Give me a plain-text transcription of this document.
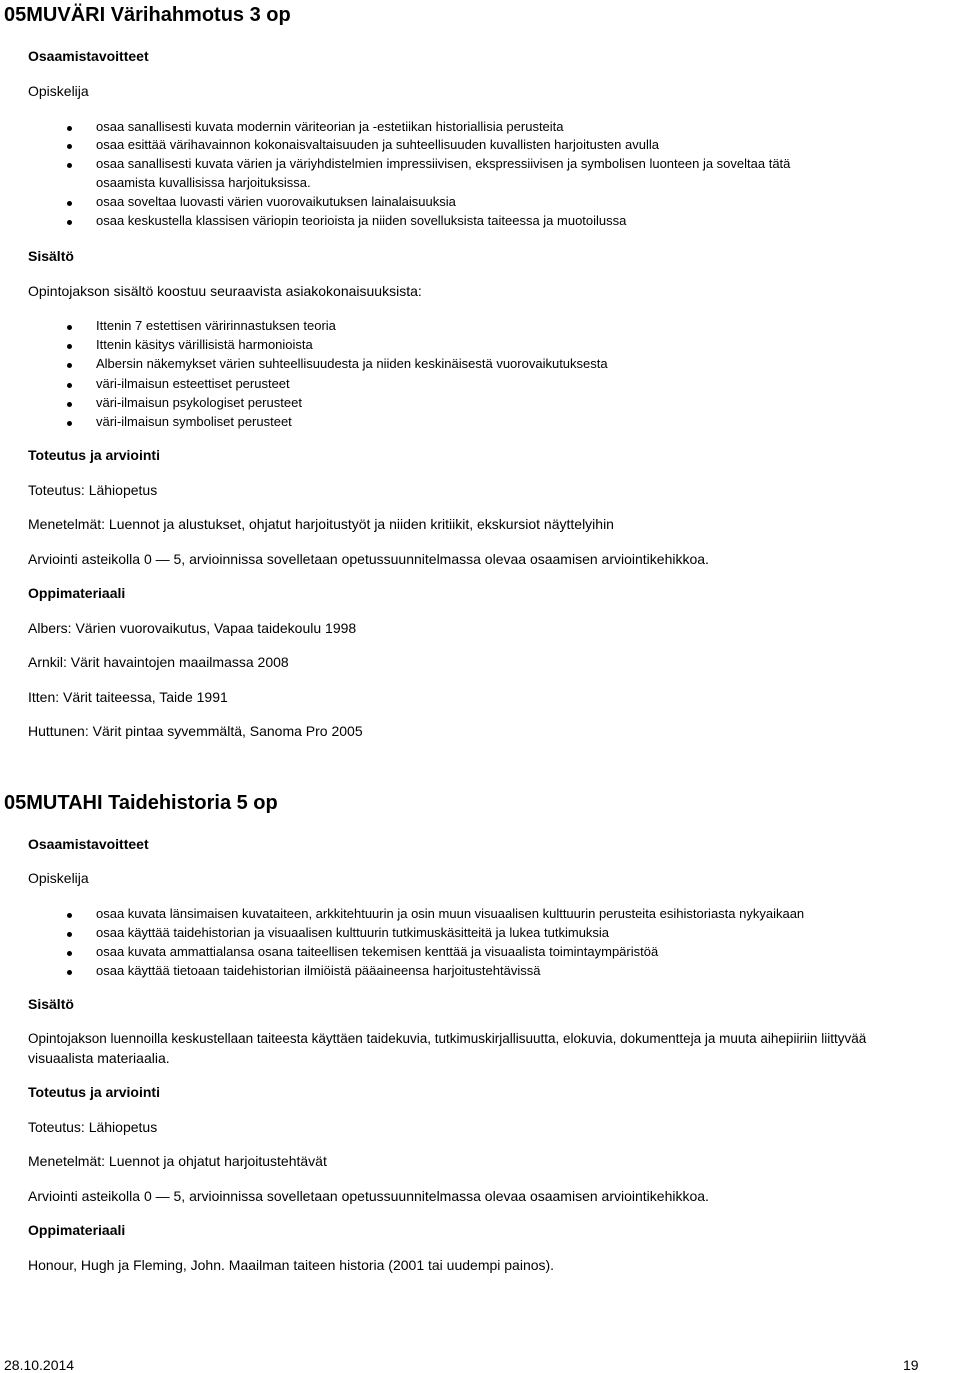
05MUVÄRI Värihahmotus 3 op
Osaamistavoitteet
Opiskelija
osaa sanallisesti kuvata modernin väriteorian ja -estetiikan historiallisia perusteita
osaa esittää värihavainnon kokonaisvaltaisuuden ja suhteellisuuden kuvallisten harjoitusten avulla
osaa sanallisesti kuvata värien ja väriyhdistelmien impressiivisen, ekspressiivisen ja symbolisen luonteen ja soveltaa tätä
osaamista kuvallisissa harjoituksissa.
osaa soveltaa luovasti värien vuorovaikutuksen lainalaisuuksia
osaa keskustella klassisen väriopin teorioista ja niiden sovelluksista taiteessa ja muotoilussa
Sisältö
Opintojakson sisältö koostuu seuraavista asiakokonaisuuksista:
Ittenin 7 estettisen väririnnastuksen teoria
Ittenin käsitys värillisistä harmonioista
Albersin näkemykset värien suhteellisuudesta ja niiden keskinäisestä vuorovaikutuksesta
väri-ilmaisun esteettiset perusteet
väri-ilmaisun psykologiset perusteet
väri-ilmaisun symboliset perusteet
Toteutus ja arviointi
Toteutus: Lähiopetus
Menetelmät: Luennot ja alustukset, ohjatut harjoitustyöt ja niiden kritiikit, ekskursiot näyttelyihin
Arviointi asteikolla 0 — 5, arvioinnissa sovelletaan opetussuunnitelmassa olevaa osaamisen arviointikehikkoa.
Oppimateriaali
Albers: Värien vuorovaikutus, Vapaa taidekoulu 1998
Arnkil: Värit havaintojen maailmassa 2008
Itten: Värit taiteessa, Taide 1991
Huttunen: Värit pintaa syvemmältä, Sanoma Pro 2005
05MUTAHI Taidehistoria 5 op
Osaamistavoitteet
Opiskelija
osaa kuvata länsimaisen kuvataiteen, arkkitehtuurin ja osin muun visuaalisen kulttuurin perusteita esihistoriasta nykyaikaan
osaa käyttää taidehistorian ja visuaalisen kulttuurin tutkimuskäsitteitä ja lukea tutkimuksia
osaa kuvata ammattialansa osana taiteellisen tekemisen kenttää ja visuaalista toimintaympäristöä
osaa käyttää tietoaan taidehistorian ilmiöistä pääaineensa harjoitustehtävissä
Sisältö
Opintojakson luennoilla keskustellaan taiteesta käyttäen taidekuvia, tutkimuskirjallisuutta, elokuvia, dokumentteja ja muuta aihepiiriin liittyvää
visuaalista materiaalia.
Toteutus ja arviointi
Toteutus: Lähiopetus
Menetelmät: Luennot ja ohjatut harjoitustehtävät
Arviointi asteikolla 0 — 5, arvioinnissa sovelletaan opetussuunnitelmassa olevaa osaamisen arviointikehikkoa.
Oppimateriaali
Honour, Hugh ja Fleming, John. Maailman taiteen historia (2001 tai uudempi painos).
28.10.2014	19
